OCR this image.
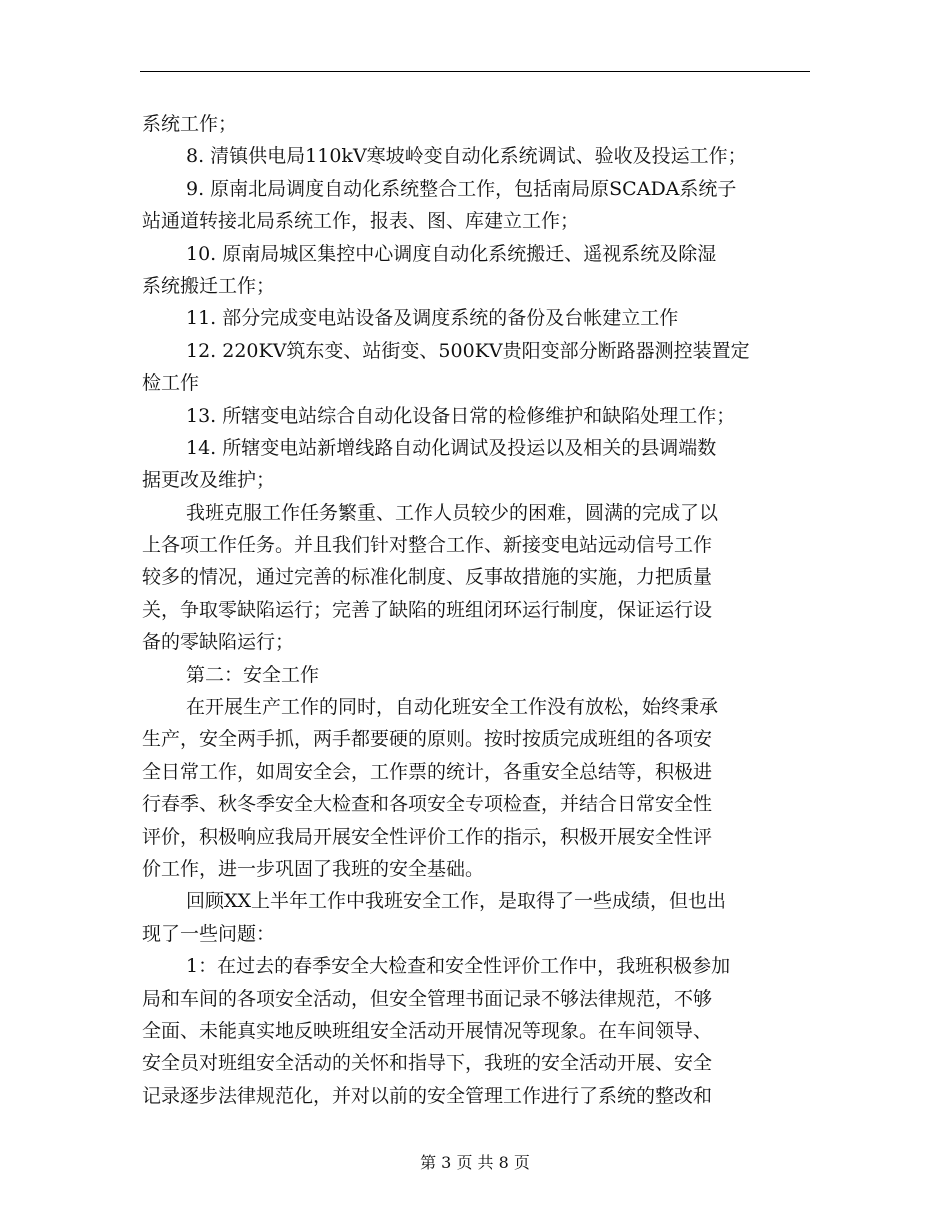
系统工作；
8. 清镇供电局110kV寒坡岭变自动化系统调试、验收及投运工作；
9. 原南北局调度自动化系统整合工作，包括南局原SCADA系统子
站通道转接北局系统工作，报表、图、库建立工作；
10. 原南局城区集控中心调度自动化系统搬迁、遥视系统及除湿
系统搬迁工作；
11. 部分完成变电站设备及调度系统的备份及台帐建立工作
12. 220KV筑东变、站街变、500KV贵阳变部分断路器测控装置定
检工作
13. 所辖变电站综合自动化设备日常的检修维护和缺陷处理工作；
14. 所辖变电站新增线路自动化调试及投运以及相关的县调端数
据更改及维护；
我班克服工作任务繁重、工作人员较少的困难，圆满的完成了以
上各项工作任务。并且我们针对整合工作、新接变电站远动信号工作
较多的情况，通过完善的标准化制度、反事故措施的实施，力把质量
关，争取零缺陷运行；完善了缺陷的班组闭环运行制度，保证运行设
备的零缺陷运行；
第二：安全工作
在开展生产工作的同时，自动化班安全工作没有放松，始终秉承
生产，安全两手抓，两手都要硬的原则。按时按质完成班组的各项安
全日常工作，如周安全会，工作票的统计，各重安全总结等，积极进
行春季、秋冬季安全大检查和各项安全专项检查，并结合日常安全性
评价，积极响应我局开展安全性评价工作的指示，积极开展安全性评
价工作，进一步巩固了我班的安全基础。
回顾XX上半年工作中我班安全工作，是取得了一些成绩，但也出
现了一些问题：
1：在过去的春季安全大检查和安全性评价工作中，我班积极参加
局和车间的各项安全活动，但安全管理书面记录不够法律规范，不够
全面、未能真实地反映班组安全活动开展情况等现象。在车间领导、
安全员对班组安全活动的关怀和指导下，我班的安全活动开展、安全
记录逐步法律规范化，并对以前的安全管理工作进行了系统的整改和
第 3 页 共 8 页
